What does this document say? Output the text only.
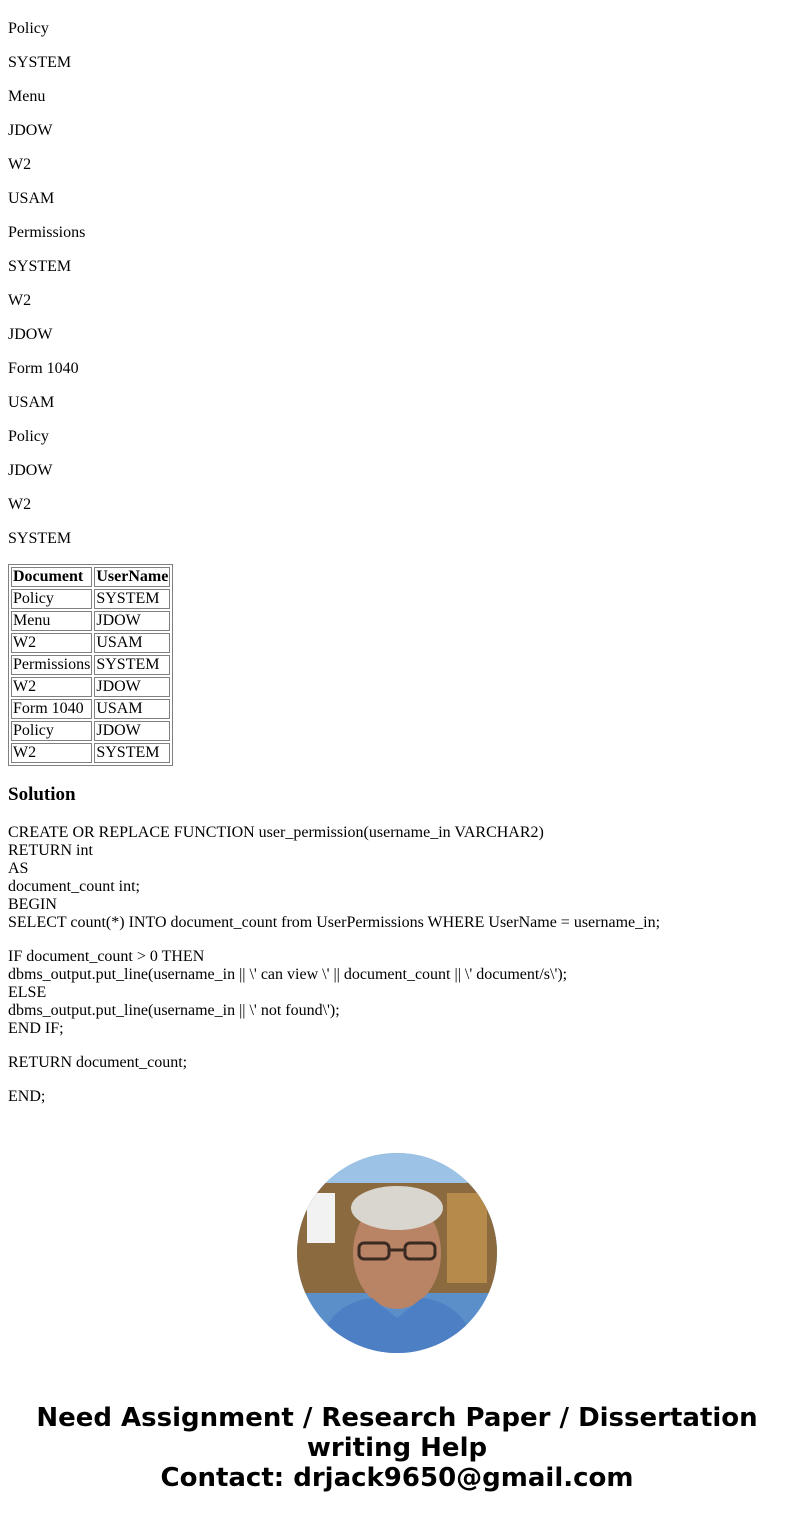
Policy

SYSTEM

Menu

JDOW

W2

USAM

Permissions

SYSTEM

W2

JDOW

Form 1040

USAM

Policy

JDOW

W2

SYSTEM

Document	UserName
Policy	SYSTEM
Menu	JDOW
W2	USAM
Permissions	SYSTEM
W2	JDOW
Form 1040	USAM
Policy	JDOW
W2	SYSTEM
Solution
CREATE OR REPLACE FUNCTION user_permission(username_in VARCHAR2)
RETURN int
AS
document_count int;
BEGIN
SELECT count(*) INTO document_count from UserPermissions WHERE UserName = username_in;
IF document_count > 0 THEN
dbms_output.put_line(username_in || \' can view \' || document_count || \' document/s\');
ELSE
dbms_output.put_line(username_in || \' not found\');
END IF;
RETURN document_count;
END;
Need Assignment / Research Paper / Dissertation
writing Help
Contact: drjack9650@gmail.com
